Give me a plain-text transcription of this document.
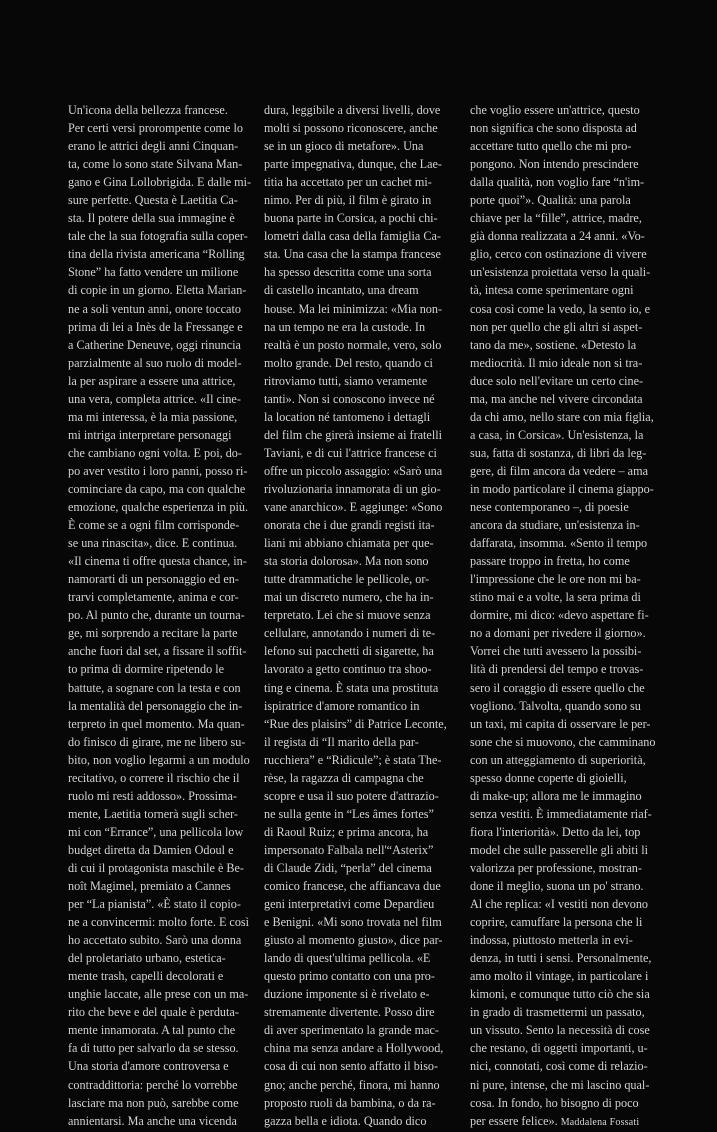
Un'icona della bellezza francese.

Per certi versi prorompente come lo

erano le attrici degli anni Cinquan-

ta, come lo sono state Silvana Man-

gano e Gina Lollobrigida. E dalle mi-

sure perfette. Questa è Laetitia Ca-

sta. Il potere della sua immagine è

tale che la sua fotografia sulla coper-

tina della rivista americana “Rolling

Stone” ha fatto vendere un milione

di copie in un giorno. Eletta Marian-

ne a soli ventun anni, onore toccato

prima di lei a Inès de la Fressange e

a Catherine Deneuve, oggi rinuncia

parzialmente al suo ruolo di model-

la per aspirare a essere una attrice,

una vera, completa attrice. «Il cine-

ma mi interessa, è la mia passione,

mi intriga interpretare personaggi

che cambiano ogni volta. E poi, do-

po aver vestito i loro panni, posso ri-

cominciare da capo, ma con qualche

emozione, qualche esperienza in più.

È come se a ogni film corrisponde-

se una rinascita», dice. E continua.

«Il cinema ti offre questa chance, in-

namorarti di un personaggio ed en-

trarvi completamente, anima e cor-

po. Al punto che, durante un tourna-

ge, mi sorprendo a recitare la parte

anche fuori dal set, a fissare il soffit-

to prima di dormire ripetendo le

battute, a sognare con la testa e con

la mentalità del personaggio che in-

terpreto in quel momento. Ma quan-

do finisco di girare, me ne libero su-

bito, non voglio legarmi a un modulo

recitativo, o correre il rischio che il

ruolo mi resti addosso». Prossima-

mente, Laetitia tornerà sugli scher-

mi con “Errance”, una pellicola low

budget diretta da Damien Odoul e

di cui il protagonista maschile è Be-

noît Magimel, premiato a Cannes

per “La pianista”. «È stato il copio-

ne a convincermi: molto forte. E così

ho accettato subito. Sarò una donna

del proletariato urbano, estetica-

mente trash, capelli decolorati e

unghie laccate, alle prese con un ma-

rito che beve e del quale è perduta-

mente innamorata. A tal punto che

fa di tutto per salvarlo da se stesso.

Una storia d'amore controversa e

contraddittoria: perché lo vorrebbe

lasciare ma non può, sarebbe come

annientarsi. Ma anche una vicenda

dura, leggibile a diversi livelli, dove

molti si possono riconoscere, anche

se in un gioco di metafore». Una

parte impegnativa, dunque, che Lae-

titia ha accettato per un cachet mi-

nimo. Per di più, il film è girato in

buona parte in Corsica, a pochi chi-

lometri dalla casa della famiglia Ca-

sta. Una casa che la stampa francese

ha spesso descritta come una sorta

di castello incantato, una dream

house. Ma lei minimizza: «Mia non-

na un tempo ne era la custode. In

realtà è un posto normale, vero, solo

molto grande. Del resto, quando ci

ritroviamo tutti, siamo veramente

tanti». Non si conoscono invece né

la location né tantomeno i dettagli

del film che girerà insieme ai fratelli

Taviani, e di cui l'attrice francese ci

offre un piccolo assaggio: «Sarò una

rivoluzionaria innamorata di un gio-

vane anarchico». E aggiunge: «Sono

onorata che i due grandi registi ita-

liani mi abbiano chiamata per que-

sta storia dolorosa». Ma non sono

tutte drammatiche le pellicole, or-

mai un discreto numero, che ha in-

terpretato. Lei che si muove senza

cellulare, annotando i numeri di te-

lefono sui pacchetti di sigarette, ha

lavorato a getto continuo tra shoo-

ting e cinema. È stata una prostituta

ispiratrice d'amore romantico in

“Rue des plaisirs” di Patrice Leconte,

il regista di “Il marito della par-

rucchiera” e “Ridicule”; è stata The-

rèse, la ragazza di campagna che

scopre e usa il suo potere d'attrazio-

ne sulla gente in “Les âmes fortes”

di Raoul Ruiz; e prima ancora, ha

impersonato Falbala nell'“Asterix”

di Claude Zidi, “perla” del cinema

comico francese, che affiancava due

geni interpretativi come Depardieu

e Benigni. «Mi sono trovata nel film

giusto al momento giusto», dice par-

lando di quest'ultima pellicola. «E

questo primo contatto con una pro-

duzione imponente si è rivelato e-

stremamente divertente. Posso dire

di aver sperimentato la grande mac-

china ma senza andare a Hollywood,

cosa di cui non sento affatto il biso-

gno; anche perché, finora, mi hanno

proposto ruoli da bambina, o da ra-

gazza bella e idiota. Quando dico

che voglio essere un'attrice, questo

non significa che sono disposta ad

accettare tutto quello che mi pro-

pongono. Non intendo prescindere

dalla qualità, non voglio fare “n'im-

porte quoi”». Qualità: una parola

chiave per la “fille”, attrice, madre,

già donna realizzata a 24 anni. «Vo-

glio, cerco con ostinazione di vivere

un'esistenza proiettata verso la quali-

tà, intesa come sperimentare ogni

cosa così come la vedo, la sento io, e

non per quello che gli altri si aspet-

tano da me», sostiene. «Detesto la

mediocrità. Il mio ideale non si tra-

duce solo nell'evitare un certo cine-

ma, ma anche nel vivere circondata

da chi amo, nello stare con mia figlia,

a casa, in Corsica». Un'esistenza, la

sua, fatta di sostanza, di libri da leg-

gere, di film ancora da vedere – ama

in modo particolare il cinema giappo-

nese contemporaneo –, di poesie

ancora da studiare, un'esistenza in-

daffarata, insomma. «Sento il tempo

passare troppo in fretta, ho come

l'impressione che le ore non mi ba-

stino mai e a volte, la sera prima di

dormire, mi dico: «devo aspettare fi-

no a domani per rivedere il giorno».

Vorrei che tutti avessero la possibi-

lità di prendersi del tempo e trovas-

sero il coraggio di essere quello che

vogliono. Talvolta, quando sono su

un taxi, mi capita di osservare le per-

sone che si muovono, che camminano

con un atteggiamento di superiorità,

spesso donne coperte di gioielli,

di make-up; allora me le immagino

senza vestiti. È immediatamente riaf-

fiora l'interiorità». Detto da lei, top

model che sulle passerelle gli abiti li

valorizza per professione, mostran-

done il meglio, suona un po' strano.

Al che replica: «I vestiti non devono

coprire, camuffare la persona che li

indossa, piuttosto metterla in evi-

denza, in tutti i sensi. Personalmente,

amo molto il vintage, in particolare i

kimoni, e comunque tutto ciò che sia

in grado di trasmettermi un passato,

un vissuto. Sento la necessità di cose

che restano, di oggetti importanti, u-

nici, connotati, così come di relazio-

ni pure, intense, che mi lascino qual-

cosa. In fondo, ho bisogno di poco

per essere felice». Maddalena Fossati
